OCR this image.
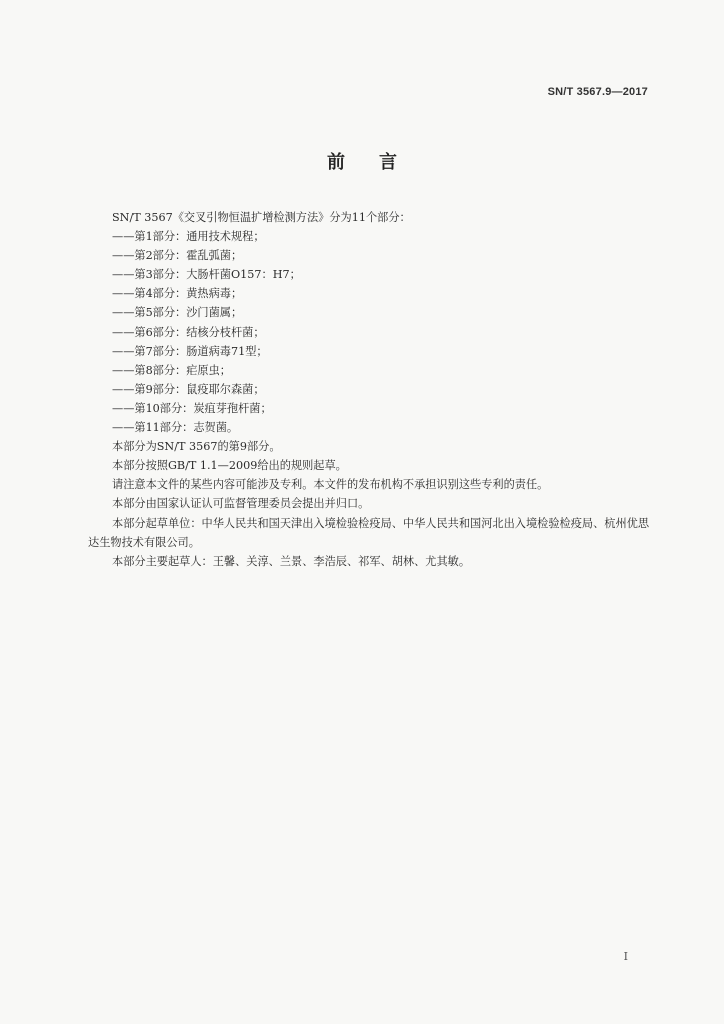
SN/T 3567.9—2017
前言

SN/T 3567《交叉引物恒温扩增检测方法》分为11个部分：

——第1部分：通用技术规程；

——第2部分：霍乱弧菌；

——第3部分：大肠杆菌O157：H7；

——第4部分：黄热病毒；

——第5部分：沙门菌属；

——第6部分：结核分枝杆菌；

——第7部分：肠道病毒71型；

——第8部分：疟原虫；

——第9部分：鼠疫耶尔森菌；

——第10部分：炭疽芽孢杆菌；

——第11部分：志贺菌。

本部分为SN/T 3567的第9部分。

本部分按照GB/T 1.1—2009给出的规则起草。

请注意本文件的某些内容可能涉及专利。本文件的发布机构不承担识别这些专利的责任。

本部分由国家认证认可监督管理委员会提出并归口。

本部分起草单位：中华人民共和国天津出入境检验检疫局、中华人民共和国河北出入境检验检疫局、杭州优思达生物技术有限公司。

本部分主要起草人：王馨、关淳、兰景、李浩辰、祁军、胡林、尤其敏。

I
